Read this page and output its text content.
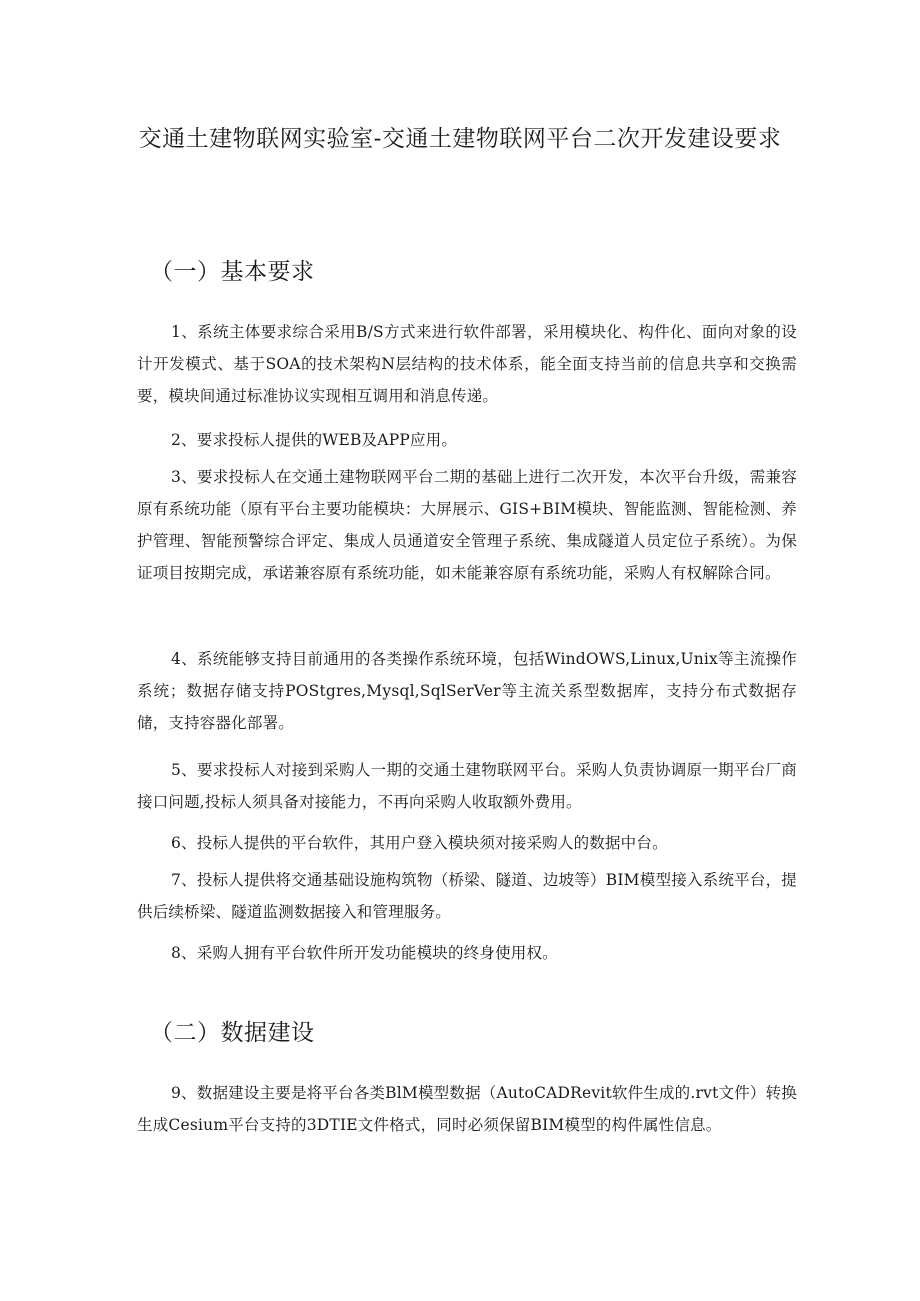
交通土建物联网实验室-交通土建物联网平台二次开发建设要求
（一）基本要求

1、系统主体要求综合采用B/S方式来进行软件部署，采用模块化、构件化、面向对象的设计开发模式、基于SOA的技术架构N层结构的技术体系，能全面支持当前的信息共享和交换需要，模块间通过标准协议实现相互调用和消息传递。

2、要求投标人提供的WEB及APP应用。

3、要求投标人在交通土建物联网平台二期的基础上进行二次开发，本次平台升级，需兼容原有系统功能（原有平台主要功能模块：大屏展示、GIS+BIM模块、智能监测、智能检测、养护管理、智能预警综合评定、集成人员通道安全管理子系统、集成隧道人员定位子系统）。为保证项目按期完成，承诺兼容原有系统功能，如未能兼容原有系统功能，采购人有权解除合同。

4、系统能够支持目前通用的各类操作系统环境，包括WindOWS,Linux,Unix等主流操作系统；数据存储支持POStgres,Mysql,SqlSerVer等主流关系型数据库，支持分布式数据存储，支持容器化部署。

5、要求投标人对接到采购人一期的交通土建物联网平台。采购人负责协调原一期平台厂商接口问题,投标人须具备对接能力，不再向采购人收取额外费用。

6、投标人提供的平台软件，其用户登入模块须对接采购人的数据中台。

7、投标人提供将交通基础设施构筑物（桥梁、隧道、边坡等）BIM模型接入系统平台，提供后续桥梁、隧道监测数据接入和管理服务。

8、采购人拥有平台软件所开发功能模块的终身使用权。

（二）数据建设

9、数据建设主要是将平台各类BlM模型数据（AutoCADRevit软件生成的.rvt文件）转换生成Cesium平台支持的3DTIE文件格式，同时必须保留BIM模型的构件属性信息。
